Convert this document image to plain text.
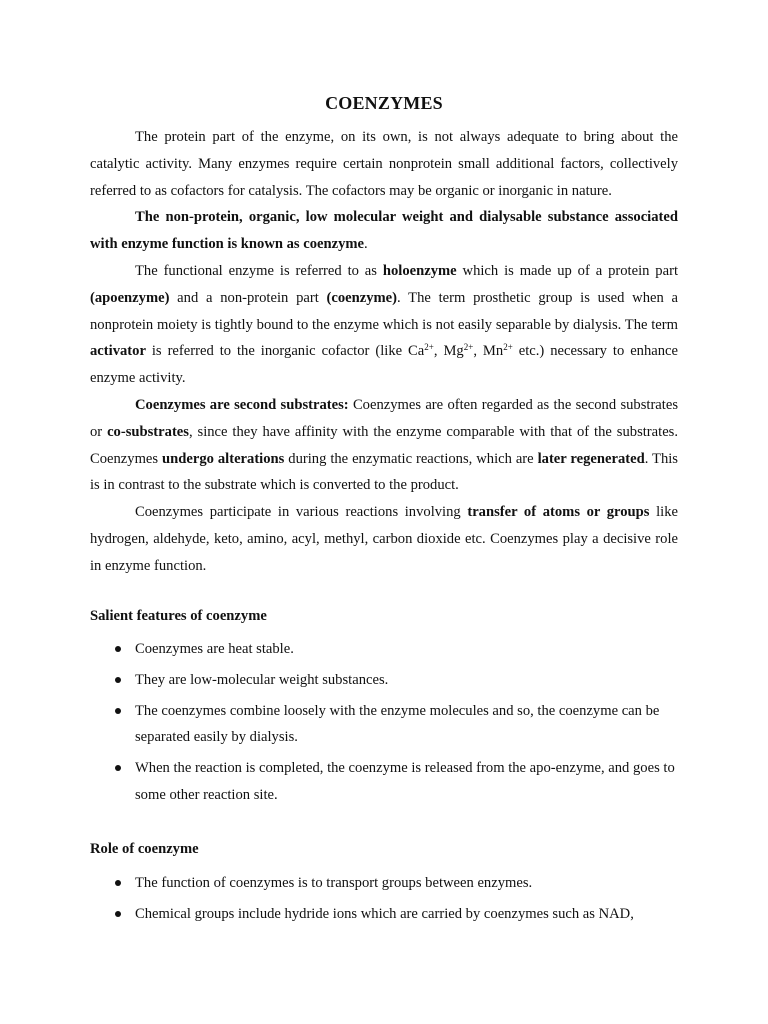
COENZYMES

The protein part of the enzyme, on its own, is not always adequate to bring about the catalytic activity. Many enzymes require certain nonprotein small additional factors, collectively referred to as cofactors for catalysis. The cofactors may be organic or inorganic in nature.

The non-protein, organic, low molecular weight and dialysable substance associated with enzyme function is known as coenzyme.

The functional enzyme is referred to as holoenzyme which is made up of a protein part (apoenzyme) and a non-protein part (coenzyme). The term prosthetic group is used when a nonprotein moiety is tightly bound to the enzyme which is not easily separable by dialysis. The term activator is referred to the inorganic cofactor (like $Ca^{2+}$, $Mg^{2+}$, $Mn^{2+}$ etc.) necessary to enhance enzyme activity.

Coenzymes are second substrates: Coenzymes are often regarded as the second substrates or co-substrates, since they have affinity with the enzyme comparable with that of the substrates. Coenzymes undergo alterations during the enzymatic reactions, which are later regenerated. This is in contrast to the substrate which is converted to the product.

Coenzymes participate in various reactions involving transfer of atoms or groups like hydrogen, aldehyde, keto, amino, acyl, methyl, carbon dioxide etc. Coenzymes play a decisive role in enzyme function.

Salient features of coenzyme
Coenzymes are heat stable.
They are low-molecular weight substances.
The coenzymes combine loosely with the enzyme molecules and so, the coenzyme can be separated easily by dialysis.
When the reaction is completed, the coenzyme is released from the apo-enzyme, and goes to some other reaction site.
Role of coenzyme
The function of coenzymes is to transport groups between enzymes.
Chemical groups include hydride ions which are carried by coenzymes such as NAD,
